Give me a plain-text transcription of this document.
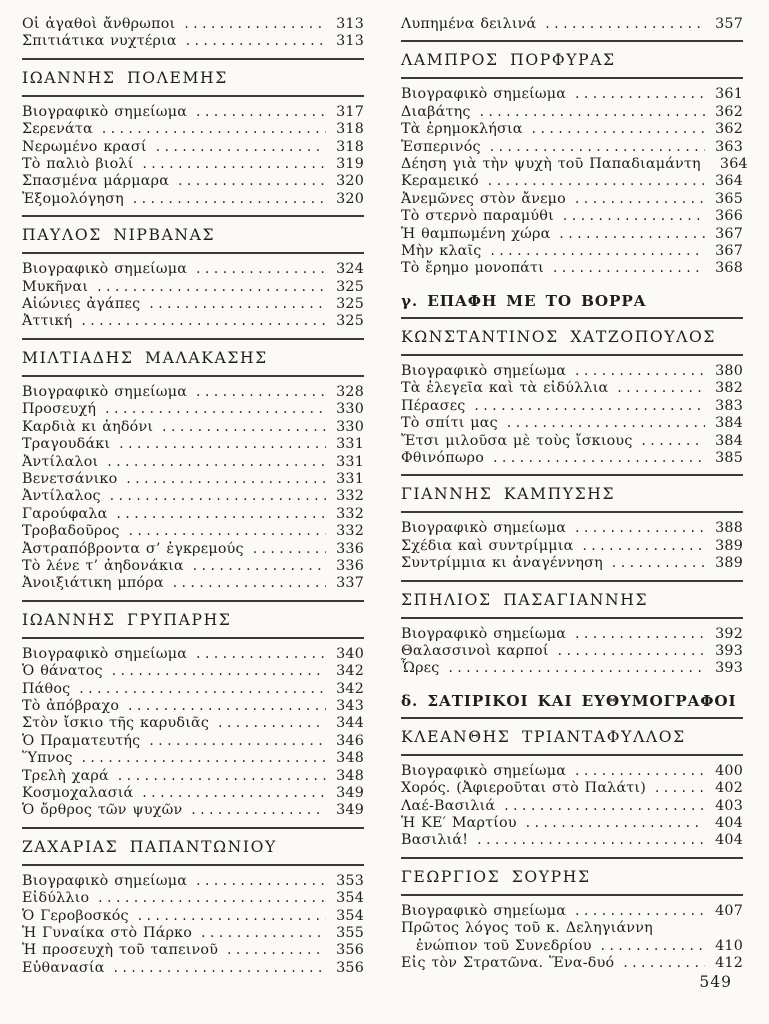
Οἱ ἀγαθοὶ ἄνθρωποι .....	313
Σπιτιάτικα νυχτέρια .....	313
ΙΩΑΝΝΗΣ ΠΟΛΕΜΗΣ
Βιογραφικὸ σημείωμα .....	317
Σερενάτα .....	318
Νερωμένο κρασί .....	318
Τὸ παλιὸ βιολί .....	319
Σπασμένα μάρμαρα .....	320
Ἐξομολόγηση .....	320
ΠΑΥΛΟΣ ΝΙΡΒΑΝΑΣ
Βιογραφικὸ σημείωμα .....	324
Μυκῆναι .....	325
Αἰώνιες ἀγάπες .....	325
Ἀττική .....	325
ΜΙΛΤΙΑΔΗΣ ΜΑΛΑΚΑΣΗΣ
Βιογραφικὸ σημείωμα .....	328
Προσευχή .....	330
Καρδιὰ κι ἀηδόνι .....	330
Τραγουδάκι .....	331
Ἀντίλαλοι .....	331
Βενετσάνικο .....	331
Ἀντίλαλος .....	332
Γαρούφαλα .....	332
Τροβαδοῦρος .....	332
Ἀστραπόβροντα σ’ ἐγκρεμούς .....	336
Τὸ λένε τ’ ἀηδονάκια .....	336
Ἀνοιξιάτικη μπόρα .....	337
ΙΩΑΝΝΗΣ ΓΡΥΠΑΡΗΣ
Βιογραφικὸ σημείωμα .....	340
Ὁ θάνατος .....	342
Πάθος .....	342
Τὸ ἀπόβραχο .....	343
Στὸν ἴσκιο τῆς καρυδιᾶς .....	344
Ὁ Πραματευτής .....	346
Ὕπνος .....	348
Τρελὴ χαρά .....	348
Κοσμοχαλασιά .....	349
Ὁ ὄρθρος τῶν ψυχῶν .....	349
ΖΑΧΑΡΙΑΣ ΠΑΠΑΝΤΩΝΙΟΥ
Βιογραφικὸ σημείωμα .....	353
Εἰδύλλιο .....	354
Ὁ Γεροβοσκός .....	354
Ἡ Γυναίκα στὸ Πάρκο .....	355
Ἡ προσευχὴ τοῦ ταπεινοῦ .....	356
Εὐθανασία .....	356
Λυπημένα δειλινά .....	357
ΛΑΜΠΡΟΣ ΠΟΡΦΥΡΑΣ
Βιογραφικὸ σημείωμα .....	361
Διαβάτης .....	362
Τὰ ἐρημοκλήσια .....	362
Ἑσπερινός .....	363
Δέηση γιὰ τὴν ψυχὴ τοῦ Παπαδιαμάντη 364
Κεραμεικό .....	364
Ἀνεμῶνες στὸν ἄνεμο .....	365
Τὸ στερνὸ παραμύθι .....	366
Ἡ θαμπωμένη χώρα .....	367
Μὴν κλαῖς .....	367
Τὸ ἔρημο μονοπάτι .....	368
γ. ΕΠΑΦΗ ΜΕ ΤΟ ΒΟΡΡΑ
ΚΩΝΣΤΑΝΤΙΝΟΣ ΧΑΤΖΟΠΟΥΛΟΣ
Βιογραφικὸ σημείωμα .....	380
Τὰ ἐλεγεῖα καὶ τὰ εἰδύλλια .....	382
Πέρασες .....	383
Τὸ σπίτι μας .....	384
Ἔτσι μιλοῦσα μὲ τοὺς ἴσκιους .....	384
Φθινόπωρο .....	385
ΓΙΑΝΝΗΣ ΚΑΜΠΥΣΗΣ
Βιογραφικὸ σημείωμα .....	388
Σχέδια καὶ συντρίμμια .....	389
Συντρίμμια κι ἀναγέννηση .....	389
ΣΠΗΛΙΟΣ ΠΑΣΑΓΙΑΝΝΗΣ
Βιογραφικὸ σημείωμα .....	392
Θαλασσινοὶ καρποί .....	393
Ὧρες .....	393
δ. ΣΑΤΙΡΙΚΟΙ ΚΑΙ ΕΥΘΥΜΟΓΡΑΦΟΙ
ΚΛΕΑΝΘΗΣ ΤΡΙΑΝΤΑΦΥΛΛΟΣ
Βιογραφικὸ σημείωμα .....	400
Χορός. (Ἀφιεροῦται στὸ Παλάτι) .....	402
Λαέ-Βασιλιά .....	403
Ἡ ΚΕ′ Μαρτίου .....	404
Βασιλιά! .....	404
ΓΕΩΡΓΙΟΣ ΣΟΥΡΗΣ
Βιογραφικὸ σημείωμα .....	407
Πρῶτος λόγος τοῦ κ. Δεληγιάννη
ἐνώπιον τοῦ Συνεδρίου .....	410
Εἰς τὸν Στρατῶνα. Ἕνα-δυό .....	412
549
